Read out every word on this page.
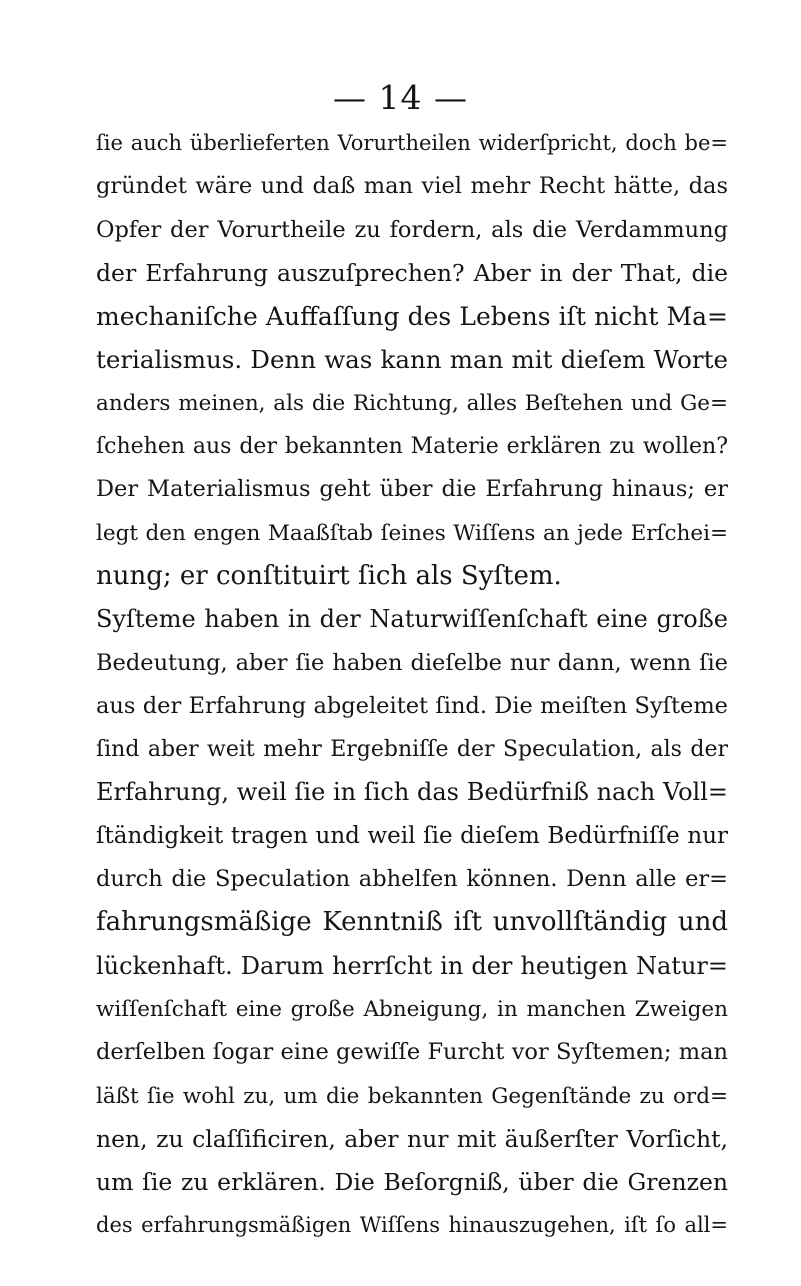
— 14 —
ſie auch überlieferten Vorurtheilen widerſpricht, doch be=
gründet wäre und daß man viel mehr Recht hätte, das
Opfer der Vorurtheile zu fordern, als die Verdammung
der Erfahrung auszuſprechen? Aber in der That, die
mechaniſche Auffaſſung des Lebens iſt nicht Ma=
terialismus. Denn was kann man mit dieſem Worte
anders meinen, als die Richtung, alles Beſtehen und Ge=
ſchehen aus der bekannten Materie erklären zu wollen?
Der Materialismus geht über die Erfahrung hinaus; er
legt den engen Maaßſtab ſeines Wiſſens an jede Erſchei=
nung; er conſtituirt ſich als Syſtem.
Syſteme haben in der Naturwiſſenſchaft eine große
Bedeutung, aber ſie haben dieſelbe nur dann, wenn ſie
aus der Erfahrung abgeleitet ſind. Die meiſten Syſteme
ſind aber weit mehr Ergebniſſe der Speculation, als der
Erfahrung, weil ſie in ſich das Bedürfniß nach Voll=
ſtändigkeit tragen und weil ſie dieſem Bedürfniſſe nur
durch die Speculation abhelfen können. Denn alle er=
fahrungsmäßige Kenntniß iſt unvollſtändig und
lückenhaft. Darum herrſcht in der heutigen Natur=
wiſſenſchaft eine große Abneigung, in manchen Zweigen
derſelben ſogar eine gewiſſe Furcht vor Syſtemen; man
läßt ſie wohl zu, um die bekannten Gegenſtände zu ord=
nen, zu claſſificiren, aber nur mit äußerſter Vorſicht,
um ſie zu erklären. Die Beſorgniß, über die Grenzen
des erfahrungsmäßigen Wiſſens hinauszugehen, iſt ſo all=
